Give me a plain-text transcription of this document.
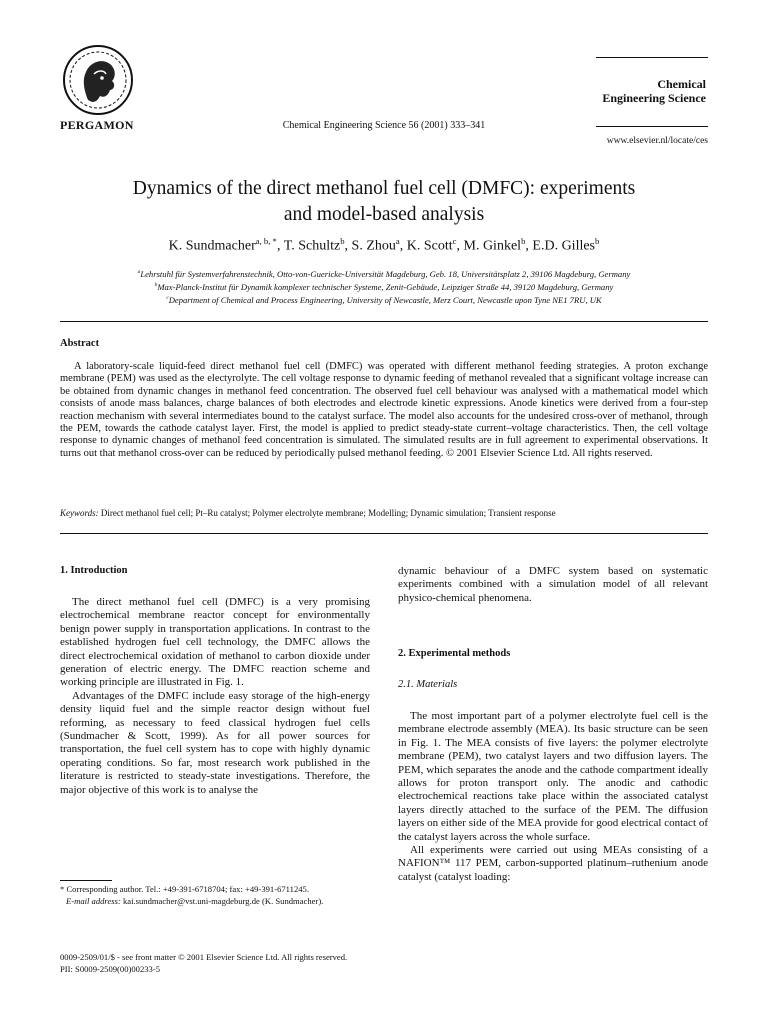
PERGAMON	Chemical Engineering Science 56 (2001) 333–341
Chemical
Engineering Science
www.elsevier.nl/locate/ces
Dynamics of the direct methanol fuel cell (DMFC): experiments
and model-based analysis
K. Sundmacher$^{a, b, *}$, T. Schultz$^b$, S. Zhou$^a$, K. Scott$^c$, M. Ginkel$^b$, E.D. Gilles$^b$
$^a$Lehrstuhl für Systemverfahrenstechnik, Otto-von-Guericke-Universität Magdeburg, Geb. 18, Universitätsplatz 2, 39106 Magdeburg, Germany
$^b$Max-Planck-Institut für Dynamik komplexer technischer Systeme, Zenit-Gebäude, Leipziger Straße 44, 39120 Magdeburg, Germany
$^c$Department of Chemical and Process Engineering, University of Newcastle, Merz Court, Newcastle upon Tyne NE1 7RU, UK
Abstract
A laboratory-scale liquid-feed direct methanol fuel cell (DMFC) was operated with different methanol feeding strategies. A proton exchange membrane (PEM) was used as the electyrolyte. The cell voltage response to dynamic feeding of methanol revealed that a significant voltage increase can be obtained from dynamic changes in methanol feed concentration. The observed fuel cell behaviour was analysed with a mathematical model which consists of anode mass balances, charge balances of both electrodes and electrode kinetic expressions. Anode kinetics were derived from a four-step reaction mechanism with several intermediates bound to the catalyst surface. The model also accounts for the undesired cross-over of methanol, through the PEM, towards the cathode catalyst layer. First, the model is applied to predict steady-state current–voltage characteristics. Then, the cell voltage response to dynamic changes of methanol feed concentration is simulated. The simulated results are in full agreement to experimental observations. It turns out that methanol cross-over can be reduced by periodically pulsed methanol feeding. © 2001 Elsevier Science Ltd. All rights reserved.
Keywords: Direct methanol fuel cell; Pt–Ru catalyst; Polymer electrolyte membrane; Modelling; Dynamic simulation; Transient response
1. Introduction

The direct methanol fuel cell (DMFC) is a very promising electrochemical membrane reactor concept for environmentally benign power supply in transportation applications. In contrast to the established hydrogen fuel cell technology, the DMFC allows the direct electrochemical oxidation of methanol to carbon dioxide under generation of electric energy. The DMFC reaction scheme and working principle are illustrated in Fig. 1.

Advantages of the DMFC include easy storage of the high-energy density liquid fuel and the simple reactor design without fuel reforming, as necessary to feed classical hydrogen fuel cells (Sundmacher & Scott, 1999). As for all power sources for transportation, the fuel cell system has to cope with highly dynamic operating conditions. So far, most research work published in the literature is restricted to steady-state investigations. Therefore, the major objective of this work is to analyse the

* Corresponding author. Tel.: +49-391-6718704; fax: +49-391-6711245.

E-mail address: kai.sundmacher@vst.uni-magdeburg.de (K. Sundmacher).

0009-2509/01/$ - see front matter © 2001 Elsevier Science Ltd. All rights reserved.
PII: S0009-2509(00)00233-5

dynamic behaviour of a DMFC system based on systematic experiments combined with a simulation model of all relevant physico-chemical phenomena.

2. Experimental methods
2.1. Materials

The most important part of a polymer electrolyte fuel cell is the membrane electrode assembly (MEA). Its basic structure can be seen in Fig. 1. The MEA consists of five layers: the polymer electrolyte membrane (PEM), two catalyst layers and two diffusion layers. The PEM, which separates the anode and the cathode compartment ideally allows for proton transport only. The anodic and cathodic electrochemical reactions take place within the associated catalyst layers directly attached to the surface of the PEM. The diffusion layers on either side of the MEA provide for good electrical contact of the catalyst layers across the whole surface.

All experiments were carried out using MEAs consisting of a NAFION™ 117 PEM, carbon-supported platinum–ruthenium anode catalyst (catalyst loading:
